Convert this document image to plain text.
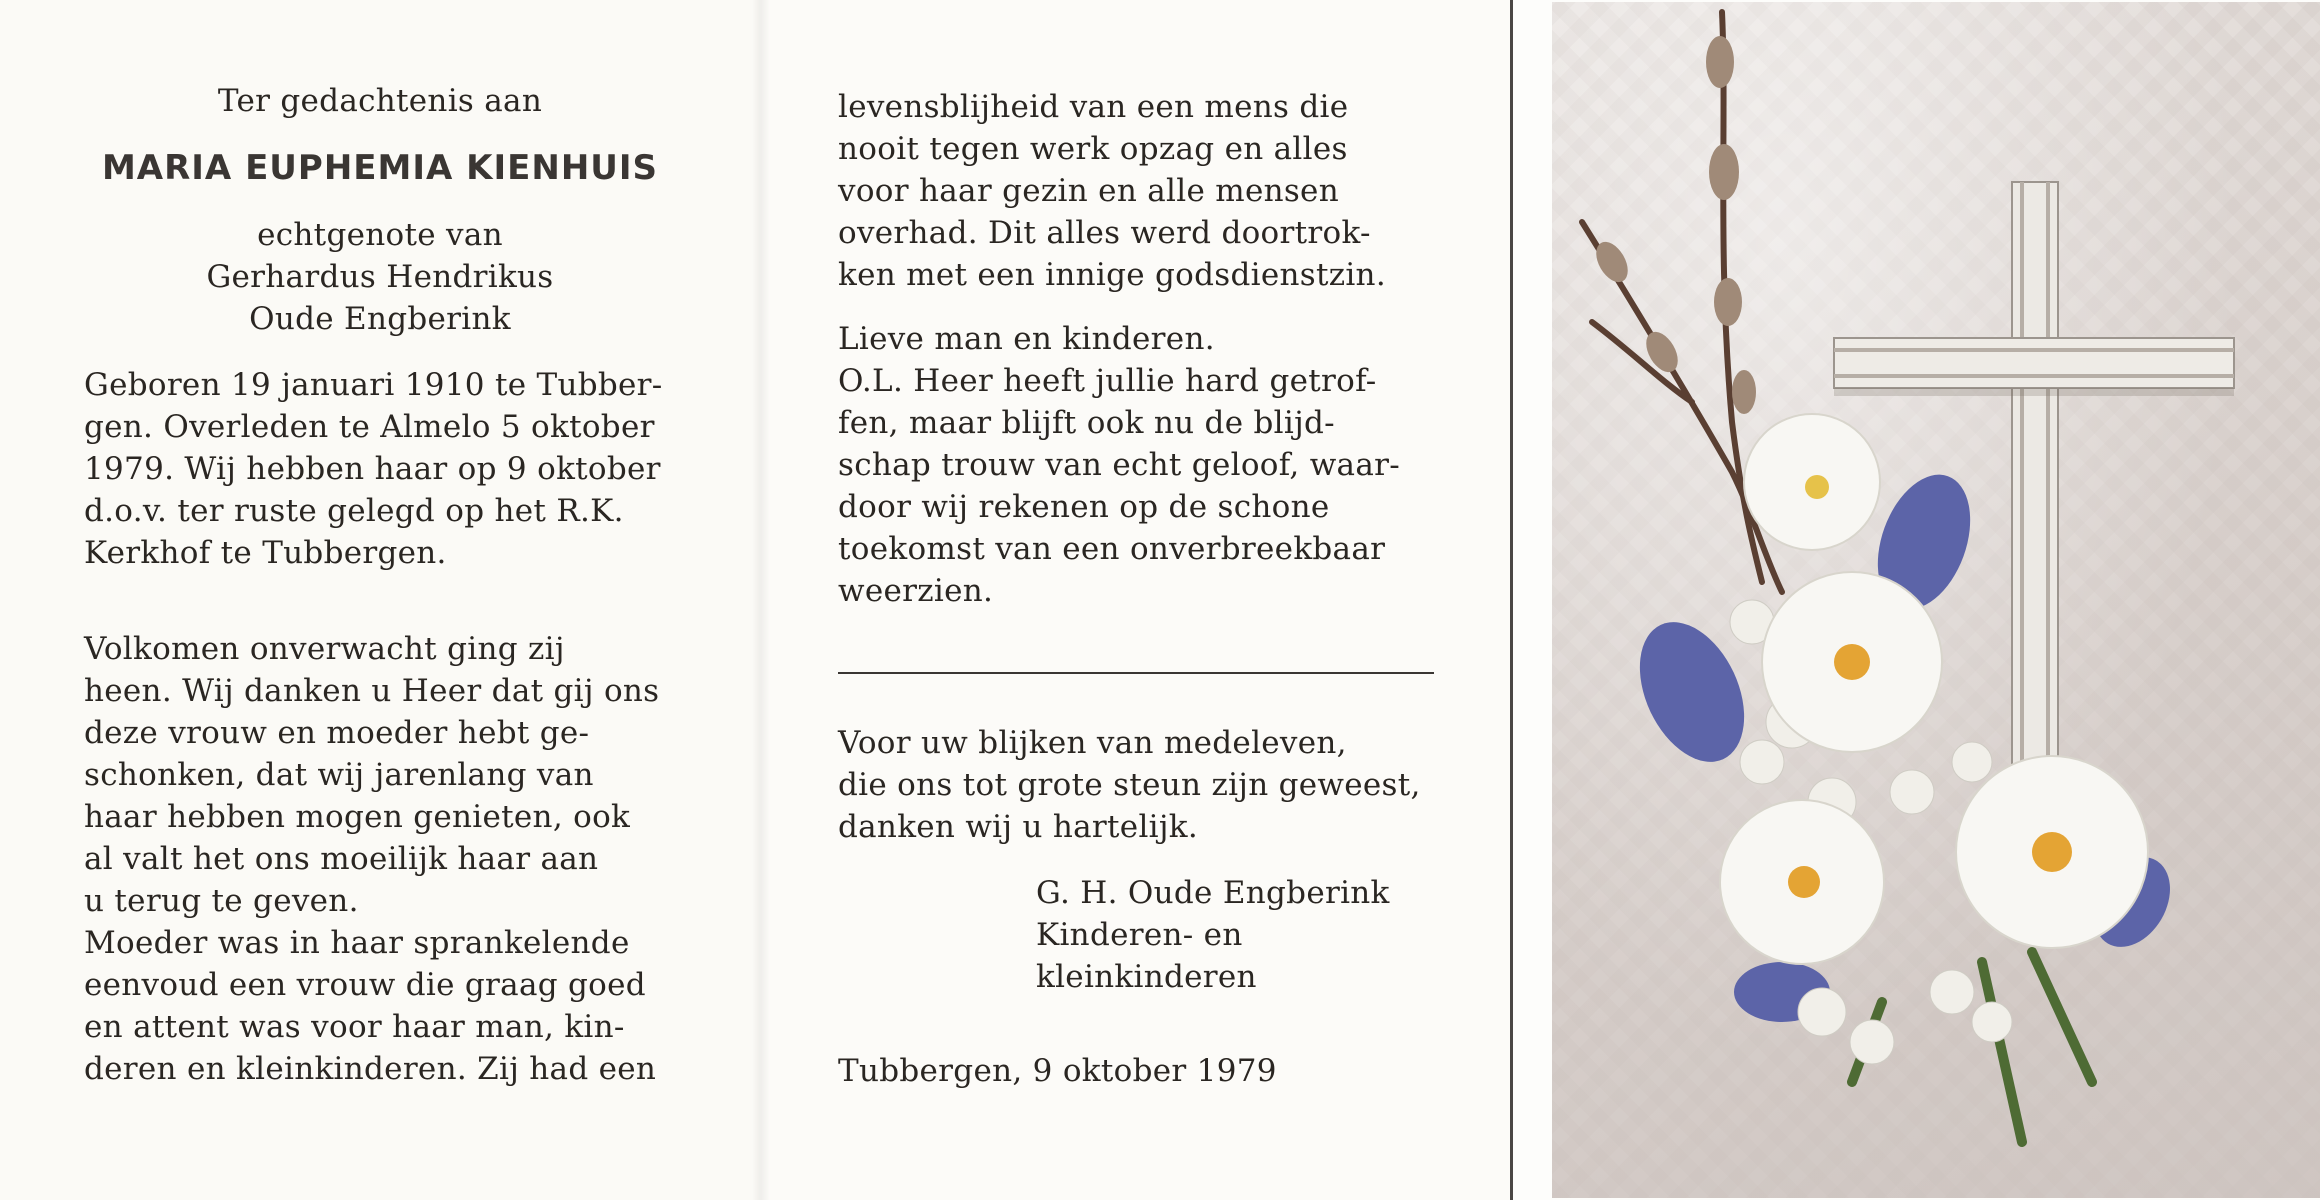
Ter gedachtenis aan
MARIA EUPHEMIA KIENHUIS
echtgenote van
Gerhardus Hendrikus
Oude Engberink
Geboren 19 januari 1910 te Tubber-
gen. Overleden te Almelo 5 oktober
1979. Wij hebben haar op 9 oktober
d.o.v. ter ruste gelegd op het R.K.
Kerkhof te Tubbergen.
Volkomen onverwacht ging zij
heen. Wij danken u Heer dat gij ons
deze vrouw en moeder hebt ge-
schonken, dat wij jarenlang van
haar hebben mogen genieten, ook
al valt het ons moeilijk haar aan
u terug te geven.
Moeder was in haar sprankelende
eenvoud een vrouw die graag goed
en attent was voor haar man, kin-
deren en kleinkinderen. Zij had een
levensblijheid van een mens die
nooit tegen werk opzag en alles
voor haar gezin en alle mensen
overhad. Dit alles werd doortrok-
ken met een innige godsdienstzin.
Lieve man en kinderen.
O.L. Heer heeft jullie hard getrof-
fen, maar blijft ook nu de blijd-
schap trouw van echt geloof, waar-
door wij rekenen op de schone
toekomst van een onverbreekbaar
weerzien.
Voor uw blijken van medeleven,
die ons tot grote steun zijn geweest,
danken wij u hartelijk.
G. H. Oude Engberink
Kinderen- en
kleinkinderen
Tubbergen, 9 oktober 1979
